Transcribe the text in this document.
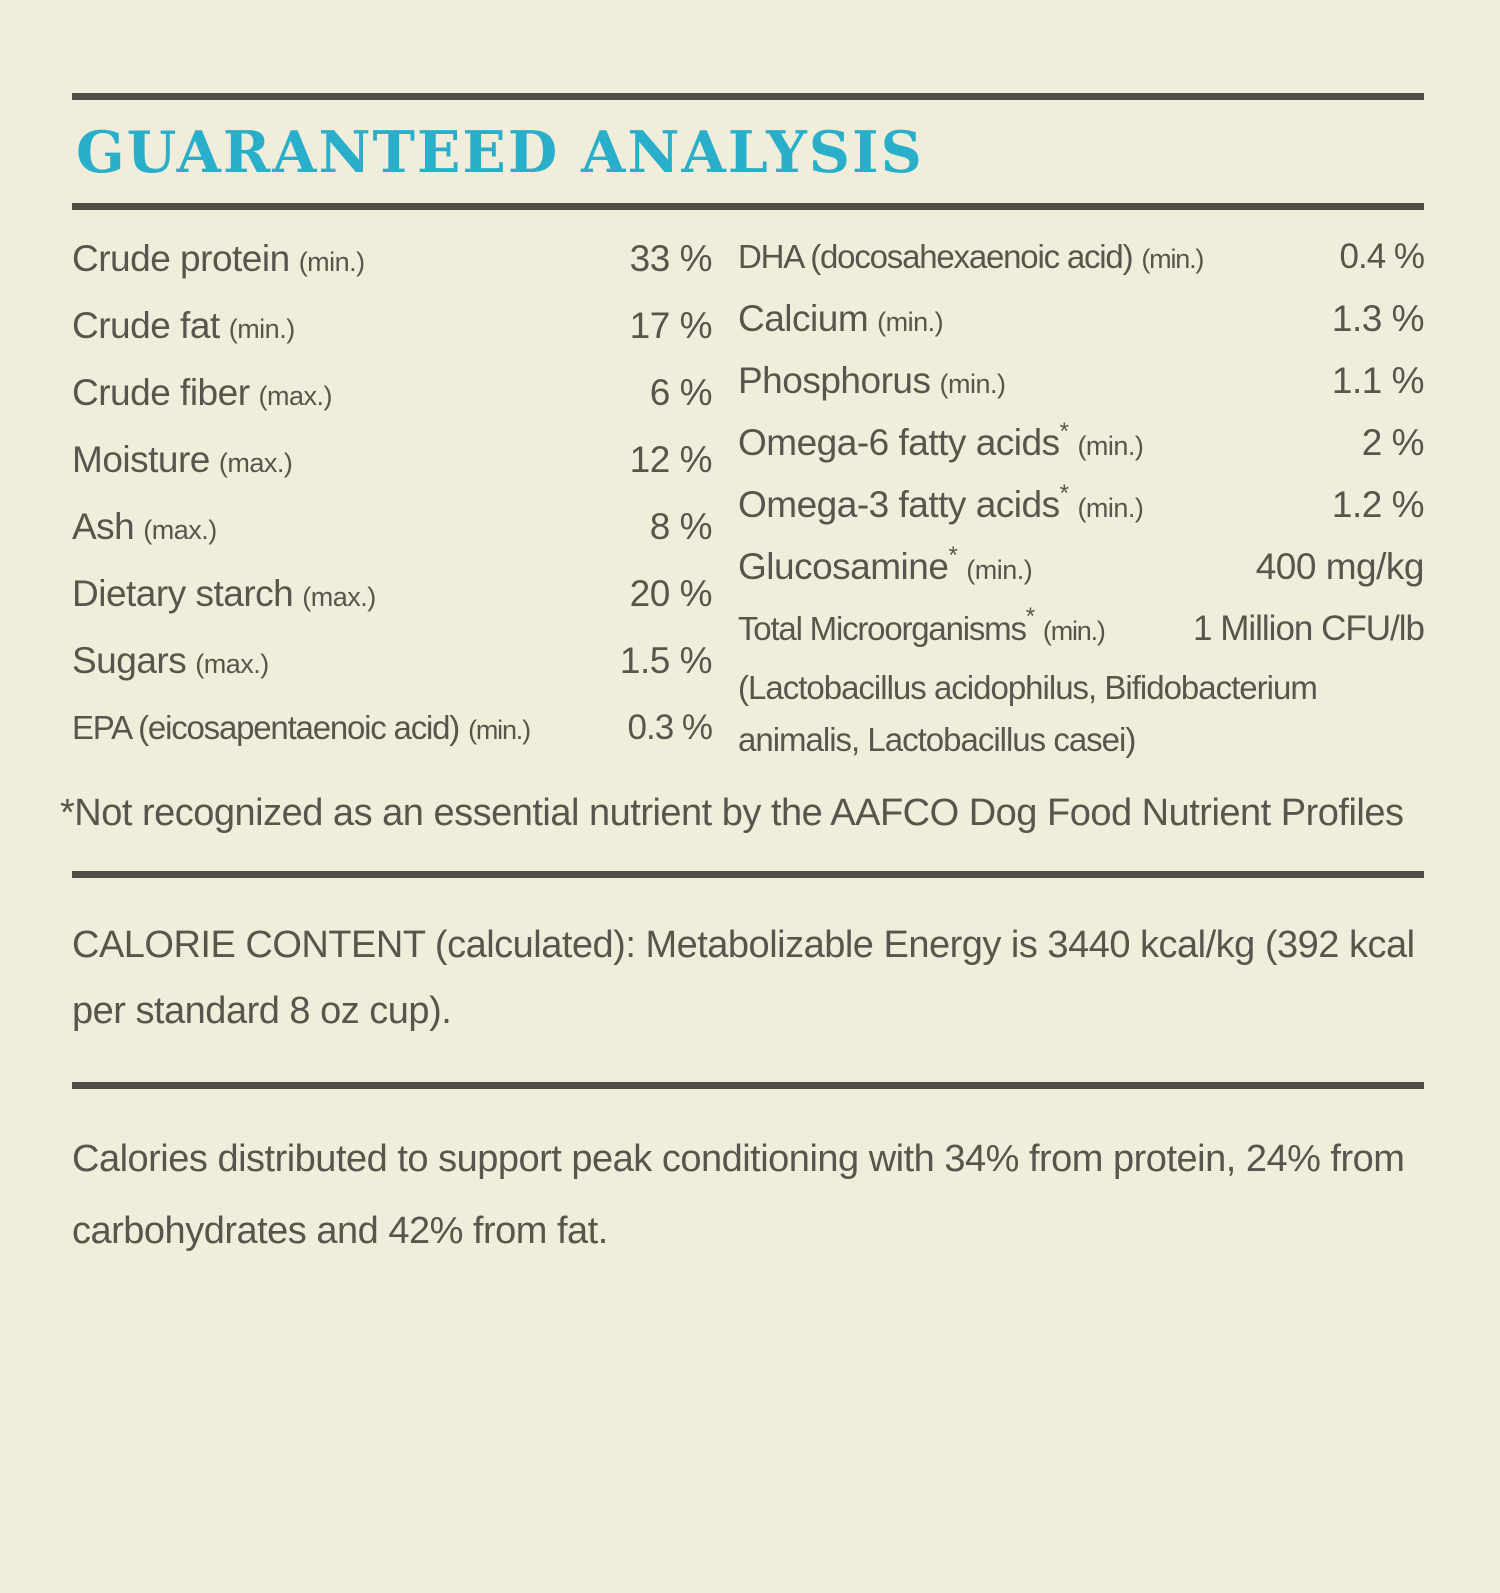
GUARANTEED ANALYSIS
Crude protein (min.)	33 %
Crude fat (min.)	17 %
Crude fiber (max.)	6 %
Moisture (max.)	12 %
Ash (max.)	8 %
Dietary starch (max.)	20 %
Sugars (max.)	1.5 %
EPA (eicosapentaenoic acid) (min.)	0.3 %
DHA (docosahexaenoic acid) (min.)	0.4 %
Calcium (min.)	1.3 %
Phosphorus (min.)	1.1 %
Omega-6 fatty acids* (min.)	2 %
Omega-3 fatty acids* (min.)	1.2 %
Glucosamine* (min.)	400 mg/kg
Total Microorganisms* (min.)	1 Million CFU/lb
(Lactobacillus acidophilus, Bifidobacterium animalis, Lactobacillus casei)

*Not recognized as an essential nutrient by the AAFCO Dog Food Nutrient Profiles

CALORIE CONTENT (calculated): Metabolizable Energy is 3440 kcal/kg (392 kcal per standard 8 oz cup).

Calories distributed to support peak conditioning with 34% from protein, 24% from carbohydrates and 42% from fat.
